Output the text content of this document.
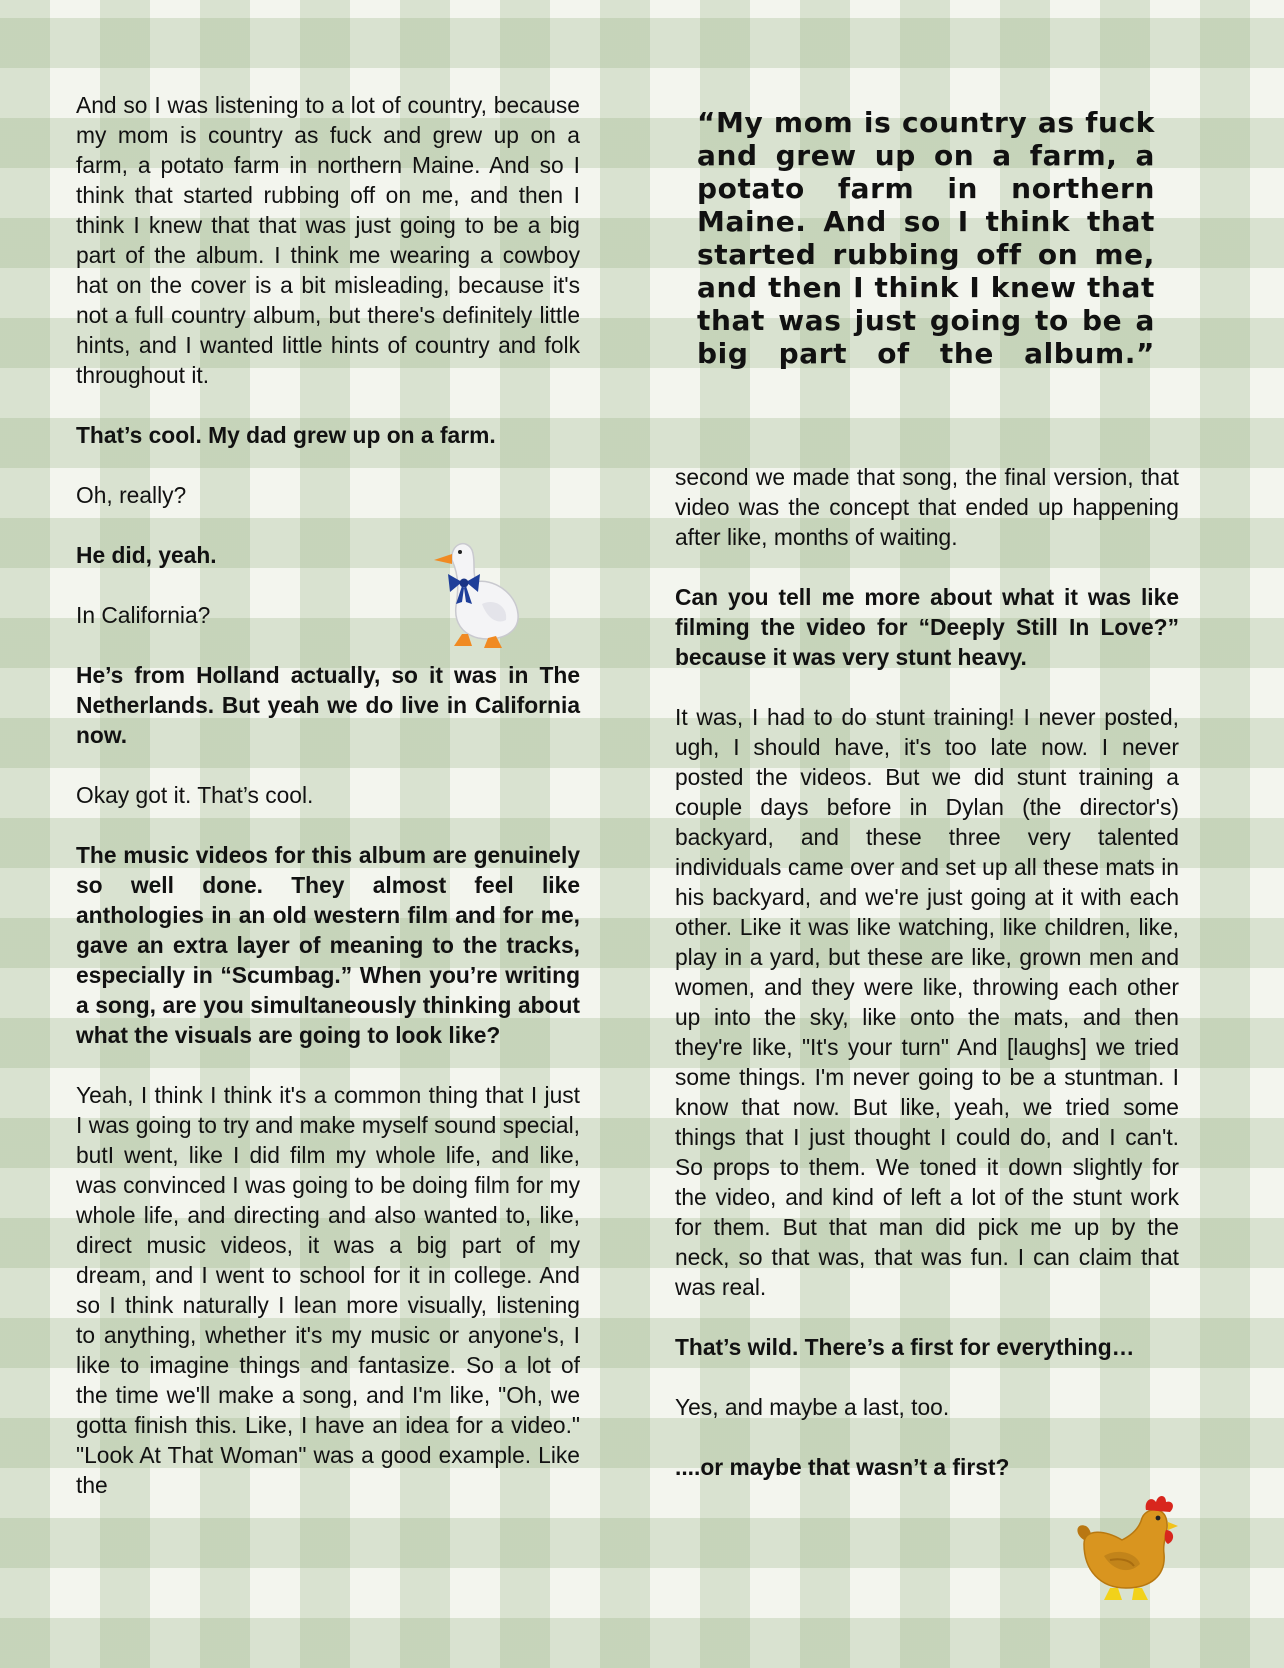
“My mom is country as fuck and grew up on a farm, a potato farm in northern Maine. And so I think that started rubbing off on me, and then I think I knew that that was just going to be a big part of the album.”

And so I was listening to a lot of country, because my mom is country as fuck and grew up on a farm, a potato farm in northern Maine. And so I think that started rubbing off on me, and then I think I knew that that was just going to be a big part of the album. I think me wearing a cowboy hat on the cover is a bit misleading, because it's not a full country album, but there's definitely little hints, and I wanted little hints of country and folk throughout it.

That’s cool. My dad grew up on a farm.

Oh, really?

He did, yeah.

In California?

He’s from Holland actually, so it was in The Netherlands. But yeah we do live in California now.

Okay got it. That’s cool.

The music videos for this album are genuinely so well done. They almost feel like anthologies in an old western film and for me, gave an extra layer of meaning to the tracks, especially in “Scumbag.” When you’re writing a song, are you simultaneously thinking about what the visuals are going to look like?

Yeah, I think I think it's a common thing that I just I was going to try and make myself sound special, butI went, like I did film my whole life, and like, was convinced I was going to be doing film for my whole life, and directing and also wanted to, like, direct music videos, it was a big part of my dream, and I went to school for it in college. And so I think naturally I lean more visually, listening to anything, whether it's my music or anyone's, I like to imagine things and fantasize. So a lot of the time we'll make a song, and I'm like, "Oh, we gotta finish this. Like, I have an idea for a video." "Look At That Woman" was a good example. Like the

second we made that song, the final version, that video was the concept that ended up happening after like, months of waiting.

Can you tell me more about what it was like filming the video for “Deeply Still In Love?” because it was very stunt heavy.

It was, I had to do stunt training! I never posted, ugh, I should have, it's too late now. I never posted the videos. But we did stunt training a couple days before in Dylan (the director's) backyard, and these three very talented individuals came over and set up all these mats in his backyard, and we're just going at it with each other. Like it was like watching, like children, like, play in a yard, but these are like, grown men and women, and they were like, throwing each other up into the sky, like onto the mats, and then they're like, "It's your turn" And [laughs] we tried some things. I'm never going to be a stuntman. I know that now. But like, yeah, we tried some things that I just thought I could do, and I can't. So props to them. We toned it down slightly for the video, and kind of left a lot of the stunt work for them. But that man did pick me up by the neck, so that was, that was fun. I can claim that was real.

That’s wild. There’s a first for everything…

Yes, and maybe a last, too.

....or maybe that wasn’t a first?
